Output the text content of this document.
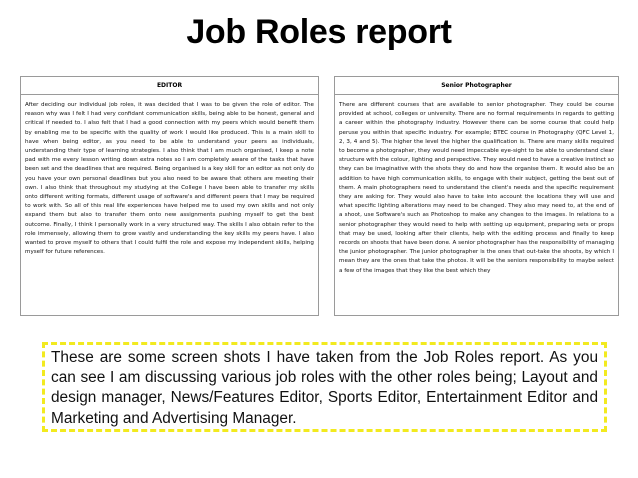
Job Roles report
EDITOR
After deciding our individual job roles, it was decided that I was to be given the role of editor. The reason why was I felt I had very confidant communication skills, being able to be honest, general and critical if needed to. I also felt that I had a good connection with my peers which would benefit them by enabling me to be specific with the quality of work I would like produced. This is a main skill to have when being editor, as you need to be able to understand your peers as individuals, understanding their type of learning strategies. I also think that I am much organised, I keep a note pad with me every lesson writing down extra notes so I am completely aware of the tasks that have been set and the deadlines that are required. Being organised is a key skill for an editor as not only do you have your own personal deadlines but you also need to be aware that others are meeting their own. I also think that throughout my studying at the College I have been able to transfer my skills onto different writing formats, different usage of software's and different peers that I may be required to work with. So all of this real life experiences have helped me to used my own skills and not only expand them but also to transfer them onto new assignments pushing myself to get the best outcome. Finally, I think I personally work in a very structured way. The skills I also obtain refer to the role immensely, allowing them to grow vastly and understanding the key skills my peers have. I also wanted to prove myself to others that I could fulfil the role and expose my independent skills, helping myself for future references.
Senior Photographer
There are different courses that are available to senior photographer. They could be course provided at school, colleges or university. There are no formal requirements in regards to getting a career within the photography industry. However there can be some course that could help peruse you within that specific industry. For example; BTEC course in Photography (QFC Level 1, 2, 3, 4 and 5). The higher the level the higher the qualification is. There are many skills required to become a photographer, they would need impeccable eye-sight to be able to understand clear structure with the colour, lighting and perspective. They would need to have a creative instinct so they can be imaginative with the shots they do and how the organise them. It would also be an addition to have high communication skills, to engage with their subject, getting the best out of them. A main photographers need to understand the client's needs and the specific requirement they are asking for. They would also have to take into account the locations they will use and what specific lighting alterations may need to be changed. They also may need to, at the end of a shoot, use Software's such as Photoshop to make any changes to the images. In relations to a senior photographer they would need to help with setting up equipment, preparing sets or props that may be used, looking after their clients, help with the editing process and finally to keep records on shoots that have been done. A senior photographer has the responsibility of managing the junior photographer. The junior photographer is the ones that out-take the shoots, by which I mean they are the ones that take the photos. It will be the seniors responsibility to maybe select a few of the images that they like the best which they
These are some screen shots I have taken from the Job Roles report. As you can see I am discussing various job roles with the other roles being; Layout and design manager, News/Features Editor, Sports Editor, Entertainment Editor and Marketing and Advertising Manager.
